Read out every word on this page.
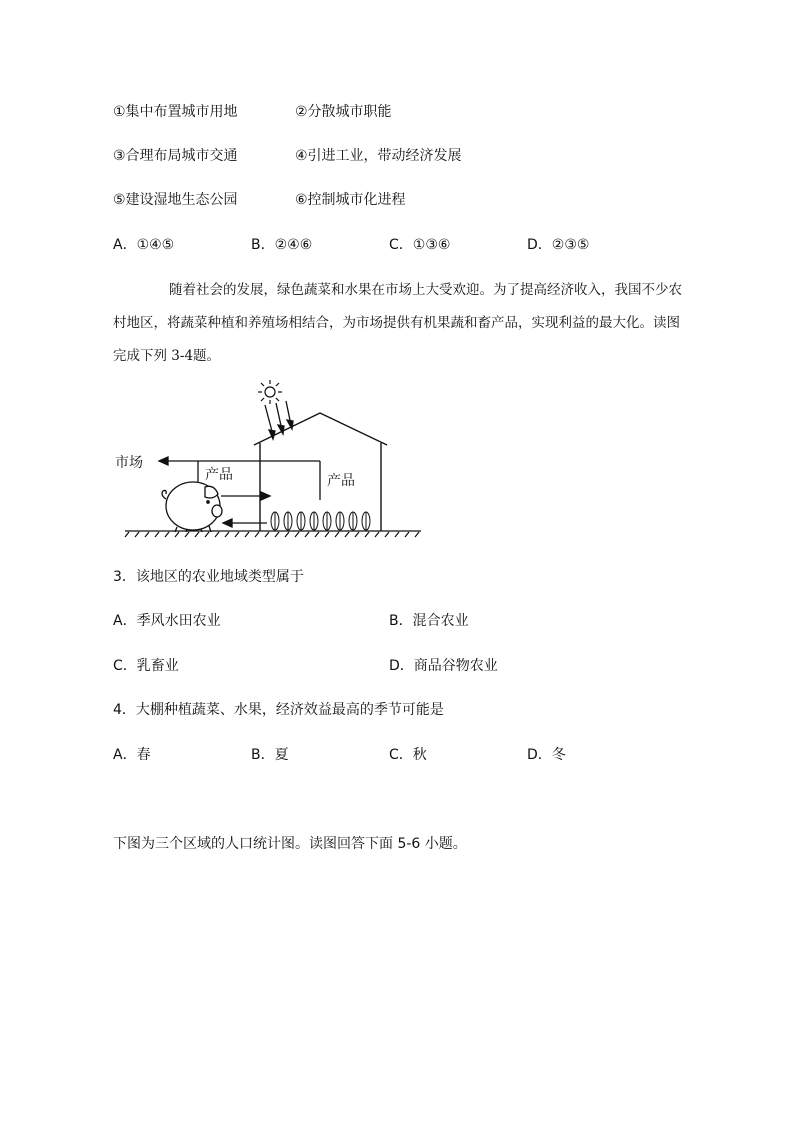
①集中布置城市用地	②分散城市职能
③合理布局城市交通	④引进工业，带动经济发展
⑤建设湿地生态公园	⑥控制城市化进程
A．①④⑤	B．②④⑥	C．①③⑥	D．②③⑤
随着社会的发展，绿色蔬菜和水果在市场上大受欢迎。为了提高经济收入，我国不少农村地区，将蔬菜种植和养殖场相结合，为市场提供有机果蔬和畜产品，实现利益的最大化。读图完成下列 3-4题。
市场
产品	产品
3．该地区的农业地域类型属于
A．季风水田农业	B．混合农业
C．乳畜业	D．商品谷物农业
4．大棚种植蔬菜、水果，经济效益最高的季节可能是
A．春	B．夏	C．秋	D．冬
下图为三个区域的人口统计图。读图回答下面 5-6 小题。
